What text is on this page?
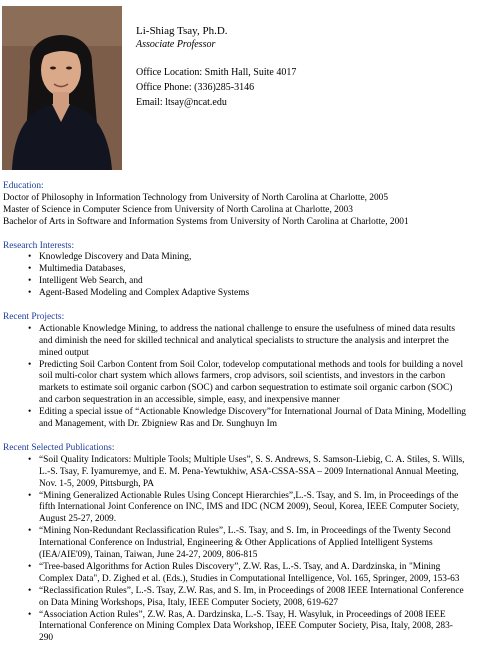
Li-Shiag Tsay, Ph.D.

Associate Professor

Office Location: Smith Hall, Suite 4017

Office Phone: (336)285-3146

Email: ltsay@ncat.edu

Education:

Doctor of Philosophy in Information Technology from University of North Carolina at Charlotte, 2005

Master of Science in Computer Science from University of North Carolina at Charlotte, 2003

Bachelor of Arts in Software and Information Systems from University of North Carolina at Charlotte, 2001

Research Interests:

• Knowledge Discovery and Data Mining,
• Multimedia Databases,
• Intelligent Web Search, and
• Agent-Based Modeling and Complex Adaptive Systems

Recent Projects:

• Actionable Knowledge Mining, to address the national challenge to ensure the usefulness of mined data results
and diminish the need for skilled technical and analytical specialists to structure the analysis and interpret the
mined output
• Predicting Soil Carbon Content from Soil Color, todevelop computational methods and tools for building a novel
soil multi-color chart system which allows farmers, crop advisors, soil scientists, and investors in the carbon
markets to estimate soil organic carbon (SOC) and carbon sequestration to estimate soil organic carbon (SOC)
and carbon sequestration in an accessible, simple, easy, and inexpensive manner
• Editing a special issue of “Actionable Knowledge Discovery”for International Journal of Data Mining, Modelling
and Management, with Dr. Zbigniew Ras and Dr. Sunghuyn Im

Recent Selected Publications:

• “Soil Quality Indicators: Multiple Tools; Multiple Uses”, S. S. Andrews, S. Samson-Liebig, C. A. Stiles, S. Wills,
L.-S. Tsay, F. Iyamuremye, and E. M. Pena-Yewtukhiw, ASA-CSSA-SSA – 2009 International Annual Meeting,
Nov. 1-5, 2009, Pittsburgh, PA
• “Mining Generalized Actionable Rules Using Concept Hierarchies”,L.-S. Tsay, and S. Im, in Proceedings of the
fifth International Joint Conference on INC, IMS and IDC (NCM 2009), Seoul, Korea, IEEE Computer Society,
August 25-27, 2009.
• “Mining Non-Redundant Reclassification Rules”, L.-S. Tsay, and S. Im, in Proceedings of the Twenty Second
International Conference on Industrial, Engineering & Other Applications of Applied Intelligent Systems
(IEA/AIE'09), Tainan, Taiwan, June 24-27, 2009, 806-815
• “Tree-based Algorithms for Action Rules Discovery”, Z.W. Ras, L.-S. Tsay, and A. Dardzinska, in "Mining
Complex Data", D. Zighed et al. (Eds.), Studies in Computational Intelligence, Vol. 165, Springer, 2009, 153-63
• “Reclassification Rules”, L.-S. Tsay, Z.W. Ras, and S. Im, in Proceedings of 2008 IEEE International Conference
on Data Mining Workshops, Pisa, Italy, IEEE Computer Society, 2008, 619-627
• “Association Action Rules”, Z.W. Ras, A. Dardzinska, L.-S. Tsay, H. Wasyluk, in Proceedings of 2008 IEEE
International Conference on Mining Complex Data Workshop, IEEE Computer Society, Pisa, Italy, 2008, 283-
290
